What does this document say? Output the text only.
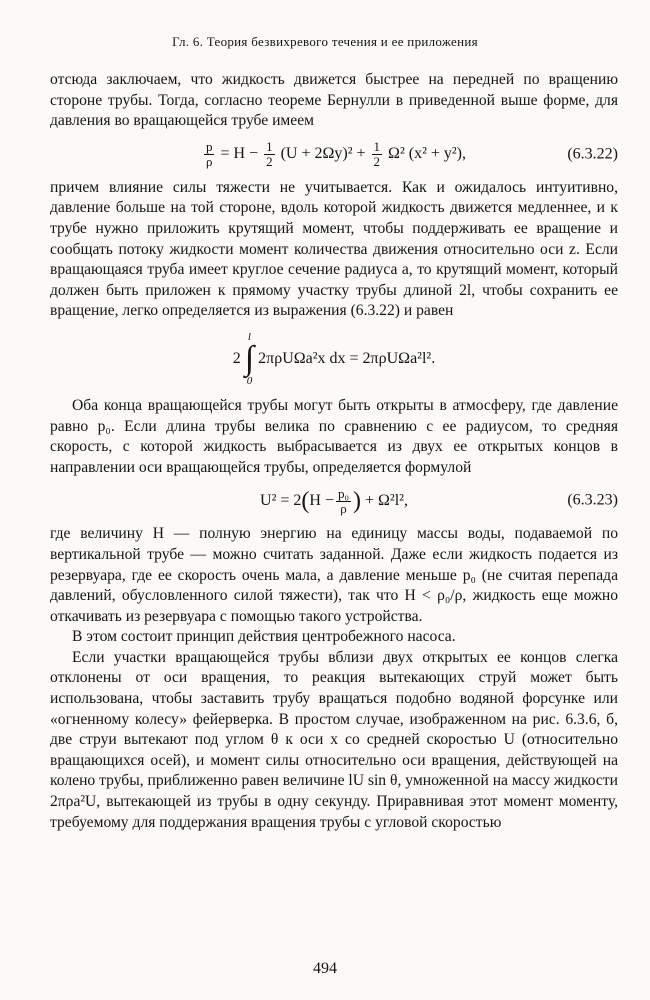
Гл. 6. Теория безвихревого течения и ее приложения

отсюда заключаем, что жидкость движется быстрее на передней по вращению стороне трубы. Тогда, согласно теореме Бернулли в приведенной выше форме, для давления во вращающейся трубе имеем

$\frac{p}{\rho} = H - \frac{1}{2} (U + 2\Omega y)^2 + \frac{1}{2} \Omega^2$ (x² + y²),	(6.3.22)

причем влияние силы тяжести не учитывается. Как и ожидалось интуитивно, давление больше на той стороне, вдоль которой жидкость движется медленнее, и к трубе нужно приложить крутящий момент, чтобы поддерживать ее вращение и сообщать потоку жидкости момент количества движения относительно оси z. Если вращающаяся труба имеет круглое сечение радиуса a, то крутящий момент, который должен быть приложен к прямому участку трубы длиной 2l, чтобы сохранить ее вращение, легко определяется из выражения (6.3.22) и равен

2
l
∫
0
2πρUΩa²x dx = 2πρUΩa²l².

Оба конца вращающейся трубы могут быть открыты в атмосферу, где давление равно p₀. Если длина трубы велика по сравнению с ее радиусом, то средняя скорость, с которой жидкость выбрасывается из двух ее открытых концов в направлении оси вращающейся трубы, определяется формулой

U² = 2 ( $H - \frac{\text{p₀}}{\rho}$ ) + Ω²l²,	(6.3.23)

где величину H — полную энергию на единицу массы воды, подаваемой по вертикальной трубе — можно считать заданной. Даже если жидкость подается из резервуара, где ее скорость очень мала, а давление меньше p₀ (не считая перепада давлений, обусловленного силой тяжести), так что H < ρ₀/ρ, жидкость еще можно откачивать из резервуара с помощью такого устройства.

В этом состоит принцип действия центробежного насоса.

Если участки вращающейся трубы вблизи двух открытых ее концов слегка отклонены от оси вращения, то реакция вытекающих струй может быть использована, чтобы заставить трубу вращаться подобно водяной форсунке или «огненному колесу» фейерверка. В простом случае, изображенном на рис. 6.3.6, б, две струи вытекают под углом θ к оси x со средней скоростью U (относительно вращающихся осей), и момент силы относительно оси вращения, действующей на колено трубы, приближенно равен величине lU sin θ, умноженной на массу жидкости 2πρa²U, вытекающей из трубы в одну секунду. Приравнивая этот момент моменту, требуемому для поддержания вращения трубы с угловой скоростью

494
